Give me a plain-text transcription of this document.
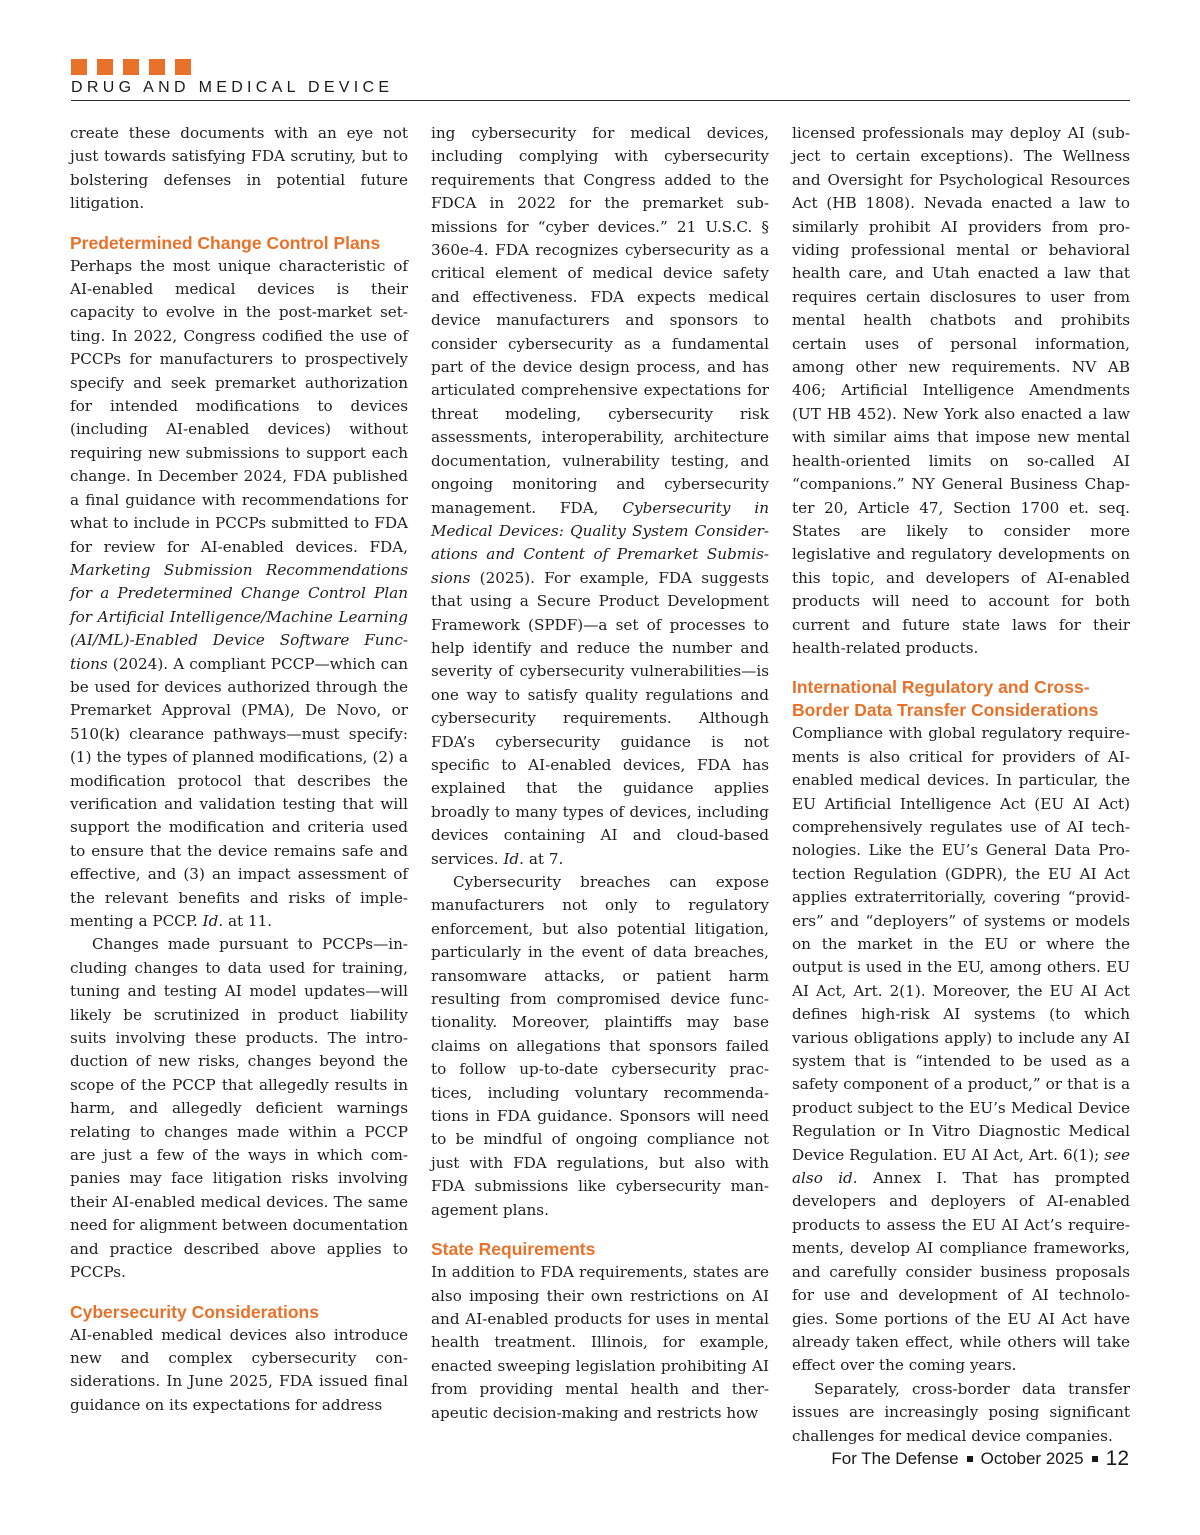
DRUG AND MEDICAL DEVICE

create these documents with an eye not just towards satisfying FDA scrutiny, but to bolstering defenses in potential future litigation.

Predetermined Change Control Plans

Perhaps the most unique characteristic of AI-enabled medical devices is their capacity to evolve in the post-market setting. In 2022, Congress codified the use of PCCPs for manufacturers to prospectively specify and seek premarket authorization for intended modifications to devices (including AI-enabled devices) without requiring new submissions to support each change. In December 2024, FDA published a final guidance with recommendations for what to include in PCCPs submitted to FDA for review for AI-enabled devices. FDA, Marketing Submission Recommendations for a Predetermined Change Control Plan for Artificial Intelligence/Machine Learning (AI/ML)-Enabled Device Software Functions (2024). A compliant PCCP—which can be used for devices authorized through the Premarket Approval (PMA), De Novo, or 510(k) clearance pathways—must specify: (1) the types of planned modifications, (2) a modification protocol that describes the verification and validation testing that will support the modification and criteria used to ensure that the device remains safe and effective, and (3) an impact assessment of the relevant benefits and risks of implementing a PCCP. Id. at 11.

Changes made pursuant to PCCPs—including changes to data used for training, tuning and testing AI model updates—will likely be scrutinized in product liability suits involving these products. The introduction of new risks, changes beyond the scope of the PCCP that allegedly results in harm, and allegedly deficient warnings relating to changes made within a PCCP are just a few of the ways in which companies may face litigation risks involving their AI-enabled medical devices. The same need for alignment between documentation and practice described above applies to PCCPs.

Cybersecurity Considerations

AI-enabled medical devices also introduce new and complex cybersecurity considerations. In June 2025, FDA issued final guidance on its expectations for address

ing cybersecurity for medical devices, including complying with cybersecurity requirements that Congress added to the FDCA in 2022 for the premarket submissions for “cyber devices.” 21 U.S.C. § 360e-4. FDA recognizes cybersecurity as a critical element of medical device safety and effectiveness. FDA expects medical device manufacturers and sponsors to consider cybersecurity as a fundamental part of the device design process, and has articulated comprehensive expectations for threat modeling, cybersecurity risk assessments, interoperability, architecture documentation, vulnerability testing, and ongoing monitoring and cybersecurity management. FDA, Cybersecurity in Medical Devices: Quality System Considerations and Content of Premarket Submissions (2025). For example, FDA suggests that using a Secure Product Development Framework (SPDF)—a set of processes to help identify and reduce the number and severity of cybersecurity vulnerabilities—is one way to satisfy quality regulations and cybersecurity requirements. Although FDA’s cybersecurity guidance is not specific to AI-enabled devices, FDA has explained that the guidance applies broadly to many types of devices, including devices containing AI and cloud-based services. Id. at 7.

Cybersecurity breaches can expose manufacturers not only to regulatory enforcement, but also potential litigation, particularly in the event of data breaches, ransomware attacks, or patient harm resulting from compromised device functionality. Moreover, plaintiffs may base claims on allegations that sponsors failed to follow up-to-date cybersecurity practices, including voluntary recommendations in FDA guidance. Sponsors will need to be mindful of ongoing compliance not just with FDA regulations, but also with FDA submissions like cybersecurity management plans.

State Requirements

In addition to FDA requirements, states are also imposing their own restrictions on AI and AI-enabled products for uses in mental health treatment. Illinois, for example, enacted sweeping legislation prohibiting AI from providing mental health and therapeutic decision-making and restricts how

licensed professionals may deploy AI (subject to certain exceptions). The Wellness and Oversight for Psychological Resources Act (HB 1808). Nevada enacted a law to similarly prohibit AI providers from providing professional mental or behavioral health care, and Utah enacted a law that requires certain disclosures to user from mental health chatbots and prohibits certain uses of personal information, among other new requirements. NV AB 406; Artificial Intelligence Amendments (UT HB 452). New York also enacted a law with similar aims that impose new mental health-oriented limits on so-called AI “companions.” NY General Business Chapter 20, Article 47, Section 1700 et. seq. States are likely to consider more legislative and regulatory developments on this topic, and developers of AI-enabled products will need to account for both current and future state laws for their health-related products.

International Regulatory and Cross-Border Data Transfer Considerations

Compliance with global regulatory requirements is also critical for providers of AI-enabled medical devices. In particular, the EU Artificial Intelligence Act (EU AI Act) comprehensively regulates use of AI technologies. Like the EU’s General Data Protection Regulation (GDPR), the EU AI Act applies extraterritorially, covering “providers” and “deployers” of systems or models on the market in the EU or where the output is used in the EU, among others. EU AI Act, Art. 2(1). Moreover, the EU AI Act defines high-risk AI systems (to which various obligations apply) to include any AI system that is “intended to be used as a safety component of a product,” or that is a product subject to the EU’s Medical Device Regulation or In Vitro Diagnostic Medical Device Regulation. EU AI Act, Art. 6(1); see also id. Annex I. That has prompted developers and deployers of AI-enabled products to assess the EU AI Act’s requirements, develop AI compliance frameworks, and carefully consider business proposals for use and development of AI technologies. Some portions of the EU AI Act have already taken effect, while others will take effect over the coming years.

Separately, cross-border data transfer issues are increasingly posing significant challenges for medical device companies.

For The Defense October 2025 12
